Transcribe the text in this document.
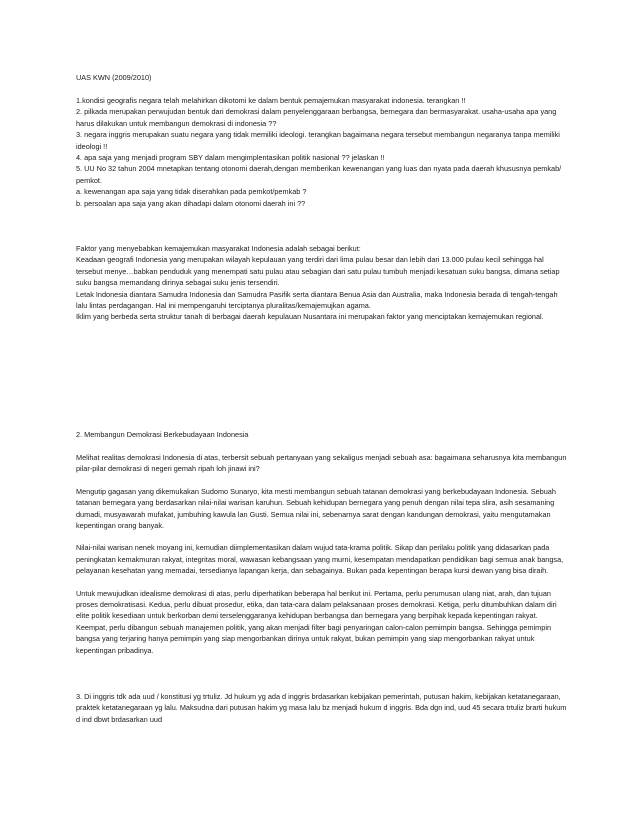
UAS KWN (2009/2010)

1.kondisi geografis negara telah melahirkan dikotomi ke dalam bentuk pemajemukan masyarakat indonesia. terangkan !!

2. pilkada merupakan perwujudan bentuk dari demokrasi dalam penyelenggaraan berbangsa, bernegara dan bermasyarakat. usaha-usaha apa yang harus dilakukan untuk membangun demokrasi di indonesia ??

3. negara inggris merupakan suatu negara yang tidak memiliki ideologi. terangkan bagaimana negara tersebut membangun negaranya tanpa memiliki ideologi !!

4. apa saja yang menjadi program SBY dalam mengimplentasikan politik nasional ?? jelaskan !!

5. UU No 32 tahun 2004 mnetapkan tentang otonomi daerah,dengan memberikan kewenangan yang luas dan nyata pada daerah khususnya pemkab/ pemkot.

a. kewenangan apa saja yang tidak diserahkan pada pemkot/pemkab ?

b. persoalan apa saja yang akan dihadapi dalam otonomi daerah ini ??

Faktor yang menyebabkan kemajemukan masyarakat Indonesia adalah sebagai berikut:

Keadaan geografi Indonesia yang merupakan wilayah kepulauan yang terdiri dari lima pulau besar dan lebih dari 13.000 pulau kecil sehingga hal tersebut menye…babkan penduduk yang menempati satu pulau atau sebagian dari satu pulau tumbuh menjadi kesatuan suku bangsa, dimana setiap suku bangsa memandang dirinya sebagai suku jenis tersendiri.

Letak Indonesia diantara Samudra Indonesia dan Samudra Pasifik serta diantara Benua Asia dan Australia, maka Indonesia berada di tengah-tengah lalu lintas perdagangan. Hal ini mempengaruhi terciptanya pluralitas/kemajemujkan agama.

Iklim yang berbeda serta struktur tanah di berbagai daerah kepulauan Nusantara ini merupakan faktor yang menciptakan kemajemukan regional.

2. Membangun Demokrasi Berkebudayaan Indonesia

Melihat realitas demokrasi Indonesia di atas, terbersit sebuah pertanyaan yang sekaligus menjadi sebuah asa: bagaimana seharusnya kita membangun pilar-pilar demokrasi di negeri gemah ripah loh jinawi ini?

Mengutip gagasan yang dikemukakan Sudomo Sunaryo, kita mesti membangun sebuah tatanan demokrasi yang berkebudayaan Indonesia. Sebuah tatanan bernegara yang berdasarkan nilai-nilai warisan karuhun. Sebuah kehidupan bernegara yang penuh dengan nilai tepa slira, asih sesamaning dumadi, musyawarah mufakat, jumbuhing kawula lan Gusti. Semua nilai ini, sebenarnya sarat dengan kandungan demokrasi, yaitu mengutamakan kepentingan orang banyak.

Nilai-nilai warisan nenek moyang ini, kemudian diimplementasikan dalam wujud tata-krama politik. Sikap dan perilaku politik yang didasarkan pada peningkatan kemakmuran rakyat, integritas moral, wawasan kebangsaan yang murni, kesempatan mendapatkan pendidikan bagi semua anak bangsa, pelayanan kesehatan yang memadai, tersedianya lapangan kerja, dan sebagainya. Bukan pada kepentingan berapa kursi dewan yang bisa diraih.

Untuk mewujudkan idealisme demokrasi di atas, perlu diperhatikan beberapa hal berikut ini. Pertama, perlu perumusan ulang niat, arah, dan tujuan proses demokratisasi. Kedua, perlu dibuat prosedur, etika, dan tata-cara dalam pelaksanaan proses demokrasi. Ketiga, perlu ditumbuhkan dalam diri elite politik kesediaan untuk berkorban demi terselenggaranya kehidupan berbangsa dan bernegara yang berpihak kepada kepentingan rakyat. Keempat, perlu dibangun sebuah manajemen politik, yang akan menjadi filter bagi penyaringan calon-calon pemimpin bangsa. Sehingga pemimpin bangsa yang terjaring hanya pemimpin yang siap mengorbankan dirinya untuk rakyat, bukan pemimpin yang siap mengorbankan rakyat untuk kepentingan pribadinya.

3. Di inggris tdk ada uud / konstitusi yg trtuliz. Jd hukum yg ada d inggris brdasarkan kebijakan pemerintah, putusan hakim, kebijakan ketatanegaraan, praktek ketatanegaraan yg lalu. Maksudna dari putusan hakim yg masa lalu bz menjadi hukum d inggris. Bda dgn ind, uud 45 secara trtuliz brarti hukum d ind dbwt brdasarkan uud
